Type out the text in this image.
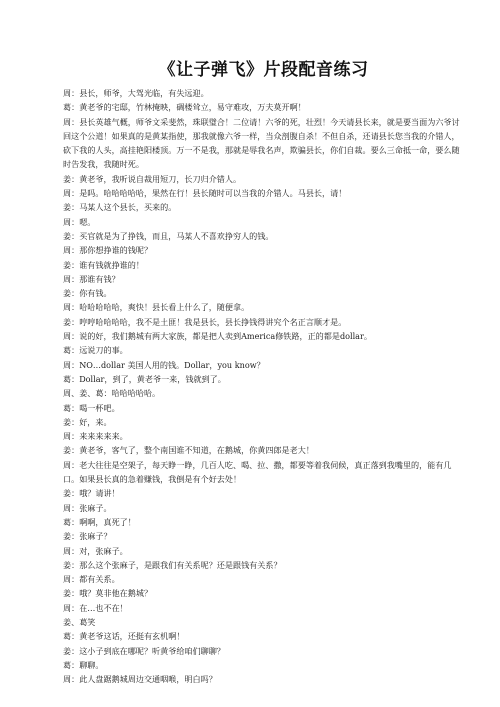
《让子弹飞》片段配音练习

周：县长，师爷，大驾光临，有失远迎。

葛：黄老爷的宅邸，竹林掩映，碉楼耸立，易守难攻，万夫莫开啊！

周：县长英雄气概，师爷文采斐然，珠联璧合！二位请！六爷的死，壮烈！今天请县长来，就是要当面为六爷讨回这个公道！如果真的是黄某指使，那我就像六爷一样，当众剖腹自杀！不但自杀，还请县长您当我的介错人，砍下我的人头，高挂艳阳楼顶。万一不是我，那就是辱我名声，欺骗县长，你们自裁。要么三命抵一命，要么随时告发我，我随时死。

姜：黄老爷，我听说自裁用短刀，长刀归介错人。

周：是吗。哈哈哈哈哈，果然在行！县长随时可以当我的介错人。马县长，请！

姜：马某人这个县长，买来的。

周：嗯。

姜：买官就是为了挣钱，而且，马某人不喜欢挣穷人的钱。

周：那你想挣谁的钱呢？

姜：谁有钱就挣谁的！

周：那谁有钱？

姜：你有钱。

周：哈哈哈哈哈，爽快！县长看上什么了，随便拿。

姜：哼哼哈哈哈哈，我不是土匪！我是县长，县长挣钱得讲究个名正言顺才是。

周：说的好，我们鹅城有两大家族，都是把人卖到America修铁路，正的都是dollar。

葛：远说刀的事。

周：NO…dollar 美国人用的钱。Dollar，you know？

葛：Dollar，到了，黄老爷一来，钱就到了。

周、姜、葛：哈哈哈哈哈。

葛：喝一杯吧。

姜：好，来。

周：来来来来来。

姜：黄老爷，客气了，整个南国谁不知道，在鹅城，你黄四郎是老大！

周：老大往往是空架子，每天睁一睁，几百人吃、喝、拉、撒，都要等着我伺候，真正落到我嘴里的，能有几口。如果县长真的急着赚钱，我倒是有个好去处！

姜：哦？请讲！

周：张麻子。

葛：啊啊，真死了！

姜：张麻子？

周：对，张麻子。

姜：那么这个张麻子，是跟我们有关系呢？还是跟钱有关系？

周：都有关系。

姜：哦？莫非他在鹅城？

周：在…也不在！

姜、葛笑

葛：黄老爷这话，还挺有玄机啊！

姜：这小子到底在哪呢？听黄爷给咱们聊聊？

葛：聊聊。

周：此人盘踞鹅城周边交通咽喉，明白吗？
